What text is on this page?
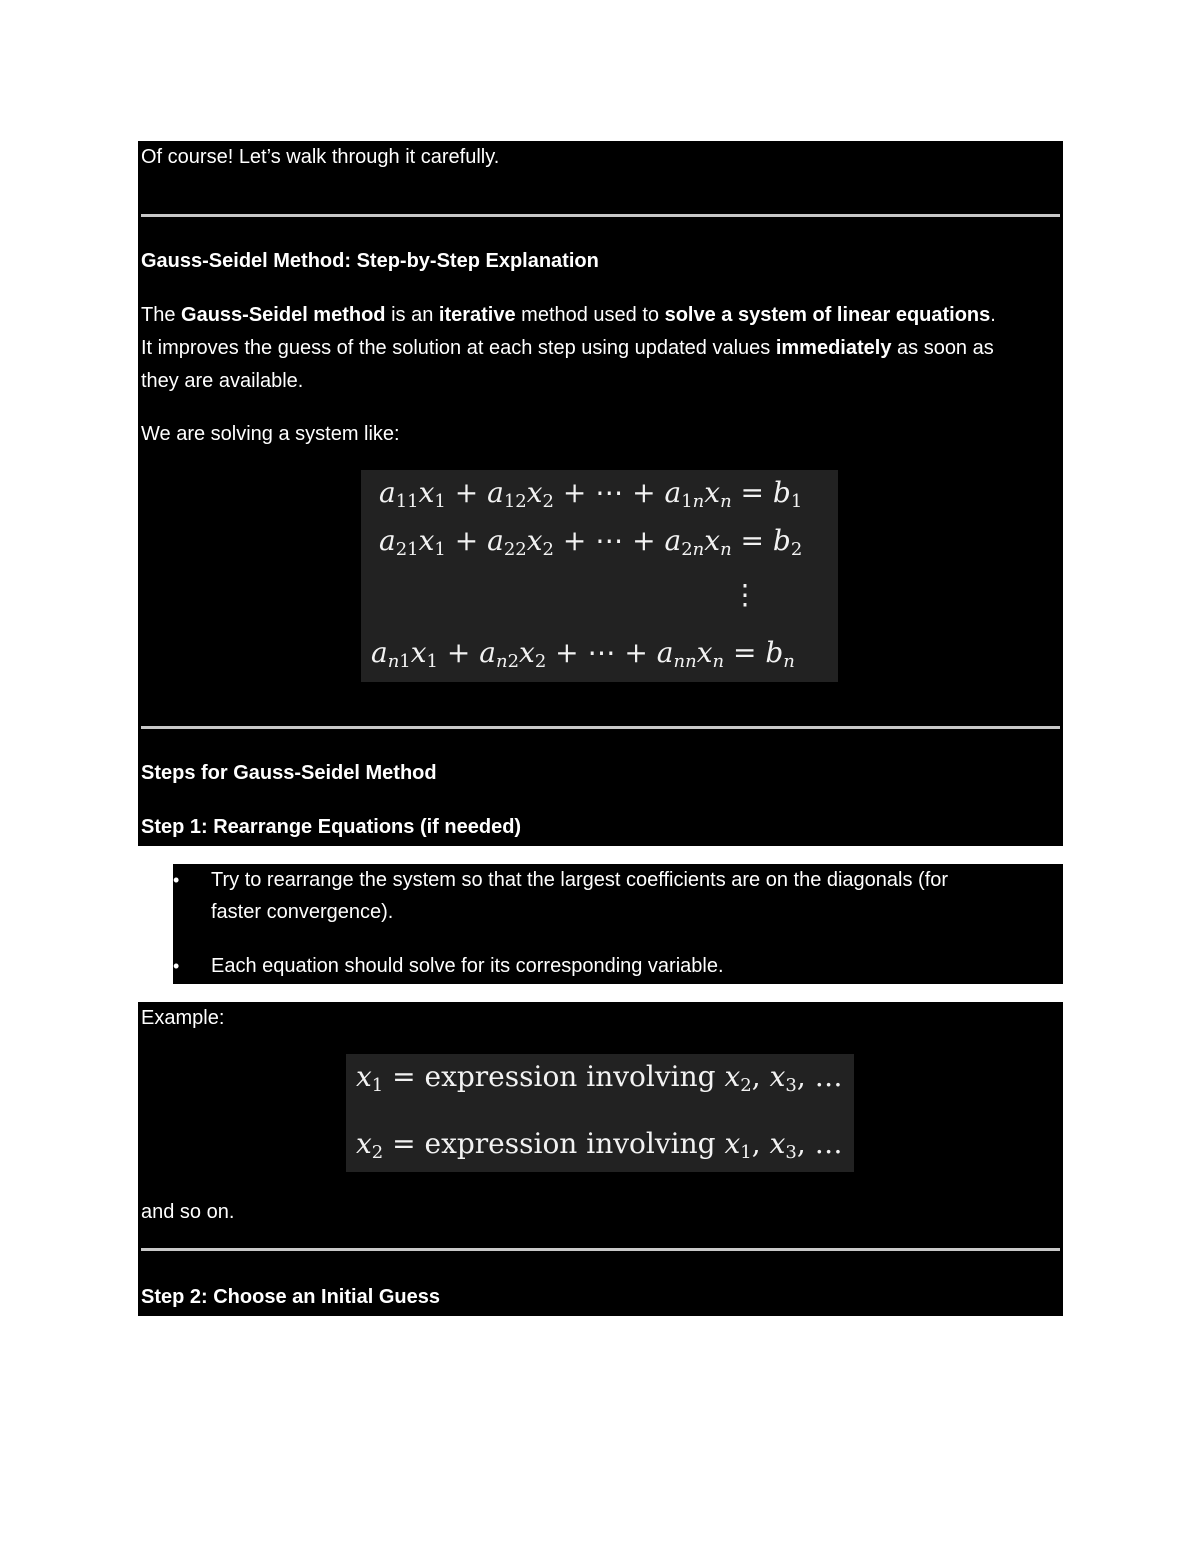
Of course! Let’s walk through it carefully.
Gauss-Seidel Method: Step-by-Step Explanation
The Gauss-Seidel method is an iterative method used to solve a system of linear equations.
It improves the guess of the solution at each step using updated values immediately as soon as
they are available.
We are solving a system like:
$a_{11}x_1 + a_{12}x_2$ + ⋯ + $a_{1n}x_n = b_1$
$a_{21}x_1 + a_{22}x_2$ + ⋯ + $a_{2n}x_n = b_2$
⋮
$a_{n1}x_1 + a_{n2}x_2$ + ⋯ + $a_{nn}x_n = b_n$
Steps for Gauss-Seidel Method
Step 1: Rearrange Equations (if needed)
• Try to rearrange the system so that the largest coefficients are on the diagonals (for
faster convergence).
• Each equation should solve for its corresponding variable.
Example:
$x_1$ = expression involving $x_2$, $x_3$, …
$x_2$ = expression involving $x_1$, $x_3$, …
and so on.
Step 2: Choose an Initial Guess
